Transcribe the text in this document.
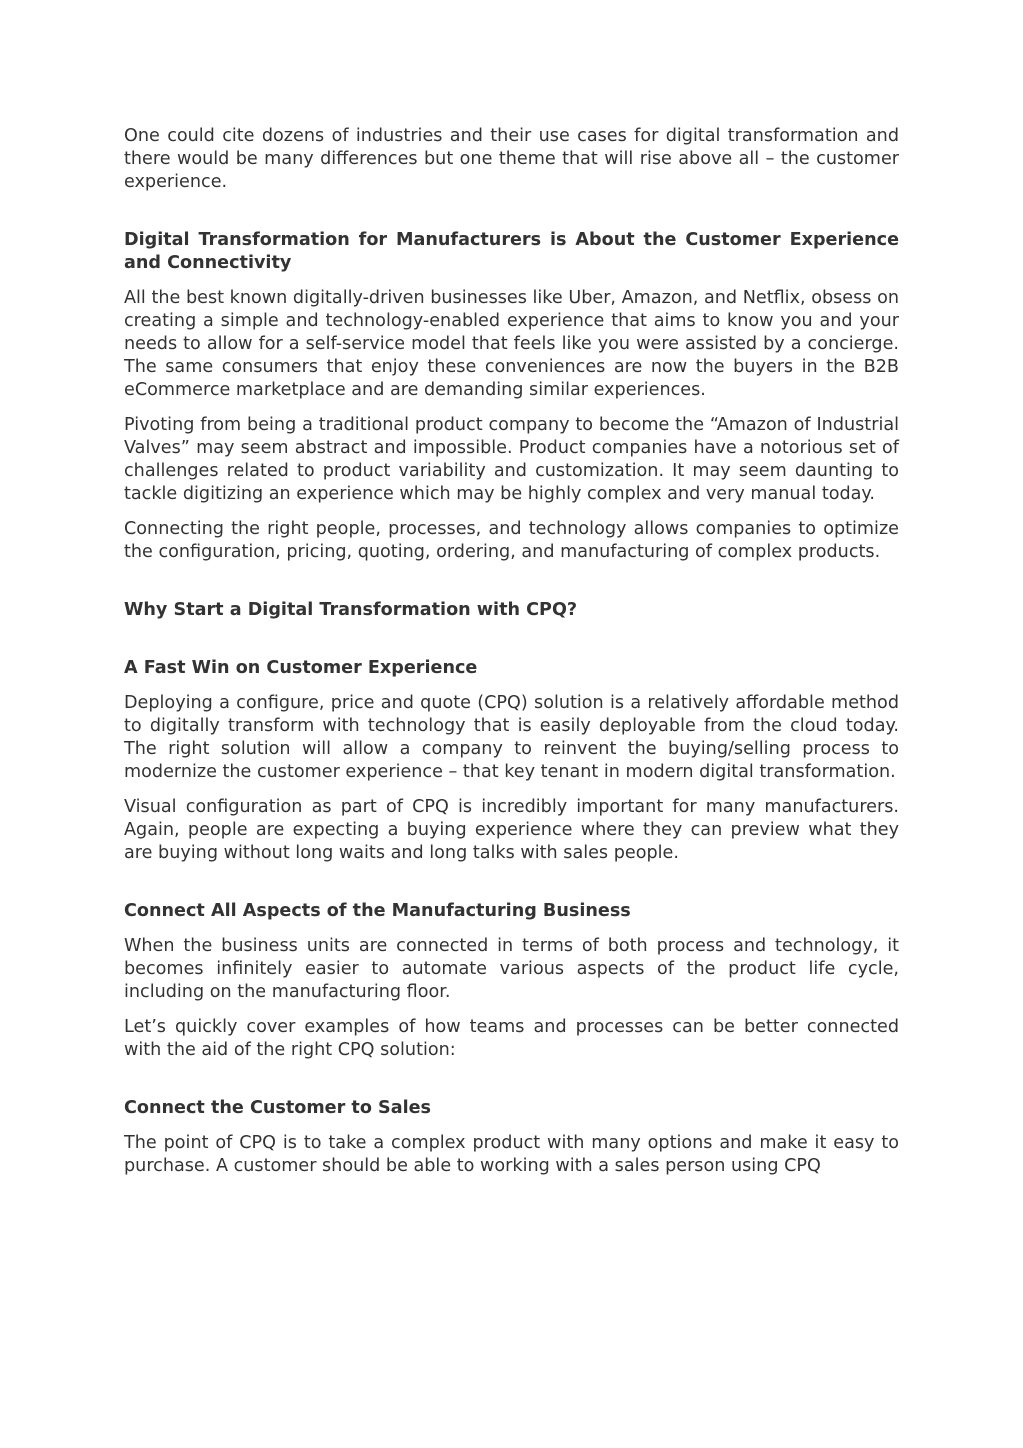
One could cite dozens of industries and their use cases for digital transformation and there would be many differences but one theme that will rise above all – the customer experience.

Digital Transformation for Manufacturers is About the Customer Experience and Connectivity

All the best known digitally-driven businesses like Uber, Amazon, and Netflix, obsess on creating a simple and technology-enabled experience that aims to know you and your needs to allow for a self-service model that feels like you were assisted by a concierge. The same consumers that enjoy these conveniences are now the buyers in the B2B eCommerce marketplace and are demanding similar experiences.

Pivoting from being a traditional product company to become the “Amazon of Industrial Valves” may seem abstract and impossible. Product companies have a notorious set of challenges related to product variability and customization. It may seem daunting to tackle digitizing an experience which may be highly complex and very manual today.

Connecting the right people, processes, and technology allows companies to optimize the configuration, pricing, quoting, ordering, and manufacturing of complex products.

Why Start a Digital Transformation with CPQ?
A Fast Win on Customer Experience

Deploying a configure, price and quote (CPQ) solution is a relatively affordable method to digitally transform with technology that is easily deployable from the cloud today. The right solution will allow a company to reinvent the buying/selling process to modernize the customer experience – that key tenant in modern digital transformation.

Visual configuration as part of CPQ is incredibly important for many manufacturers. Again, people are expecting a buying experience where they can preview what they are buying without long waits and long talks with sales people.

Connect All Aspects of the Manufacturing Business

When the business units are connected in terms of both process and technology, it becomes infinitely easier to automate various aspects of the product life cycle, including on the manufacturing floor.

Let’s quickly cover examples of how teams and processes can be better connected with the aid of the right CPQ solution:

Connect the Customer to Sales

The point of CPQ is to take a complex product with many options and make it easy to purchase. A customer should be able to working with a sales person using CPQ
